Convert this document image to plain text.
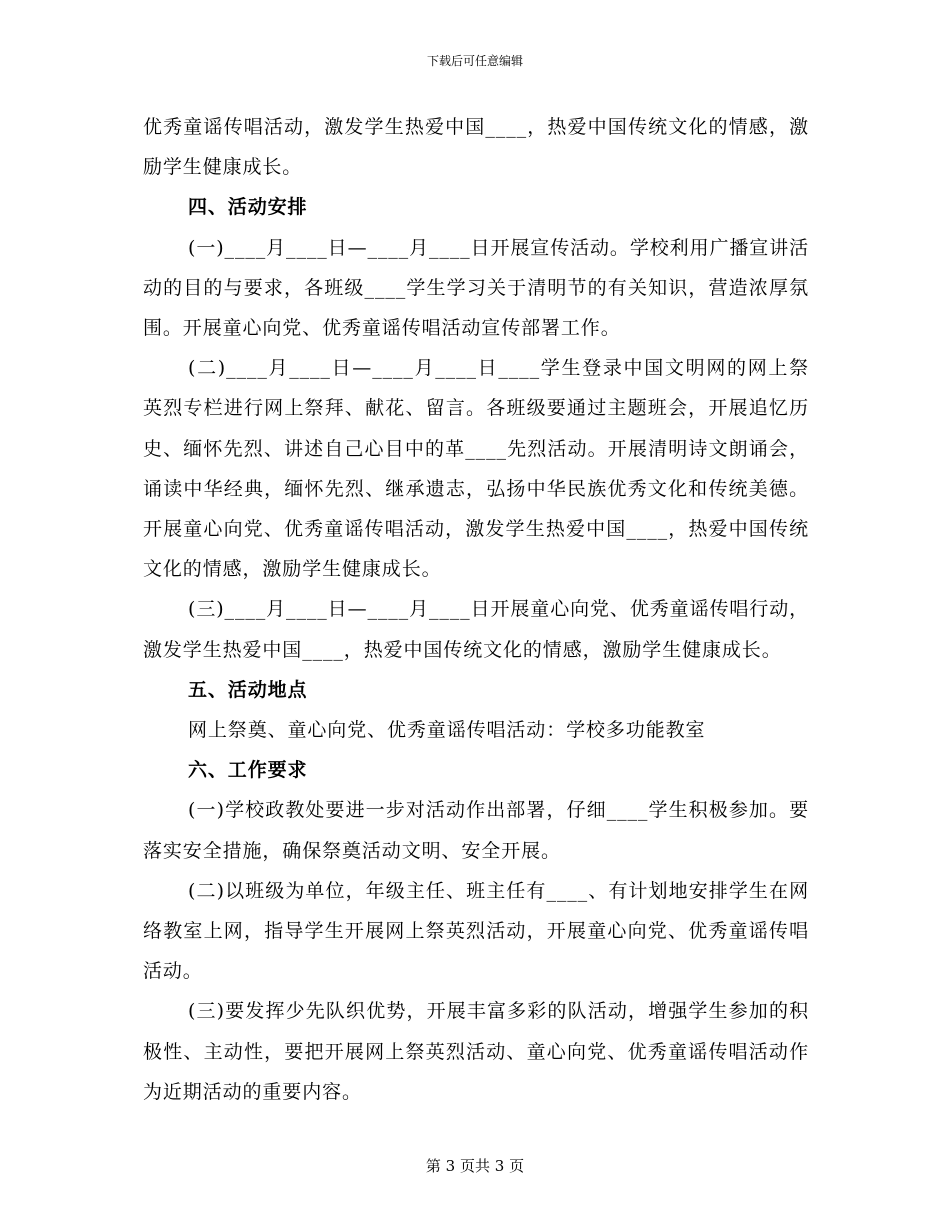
下载后可任意编辑

优秀童谣传唱活动，激发学生热爱中国____，热爱中国传统文化的情感，激励学生健康成长。

四、活动安排

(一)____月____日—____月____日开展宣传活动。学校利用广播宣讲活动的目的与要求，各班级____学生学习关于清明节的有关知识，营造浓厚氛围。开展童心向党、优秀童谣传唱活动宣传部署工作。

(二)____月____日—____月____日____学生登录中国文明网的网上祭英烈专栏进行网上祭拜、献花、留言。各班级要通过主题班会，开展追忆历史、缅怀先烈、讲述自己心目中的革____先烈活动。开展清明诗文朗诵会，诵读中华经典，缅怀先烈、继承遗志，弘扬中华民族优秀文化和传统美德。开展童心向党、优秀童谣传唱活动，激发学生热爱中国____，热爱中国传统文化的情感，激励学生健康成长。

(三)____月____日—____月____日开展童心向党、优秀童谣传唱行动，激发学生热爱中国____，热爱中国传统文化的情感，激励学生健康成长。

五、活动地点

网上祭奠、童心向党、优秀童谣传唱活动：学校多功能教室

六、工作要求

(一)学校政教处要进一步对活动作出部署，仔细____学生积极参加。要落实安全措施，确保祭奠活动文明、安全开展。

(二)以班级为单位，年级主任、班主任有____、有计划地安排学生在网络教室上网，指导学生开展网上祭英烈活动，开展童心向党、优秀童谣传唱活动。

(三)要发挥少先队织优势，开展丰富多彩的队活动，增强学生参加的积极性、主动性，要把开展网上祭英烈活动、童心向党、优秀童谣传唱活动作为近期活动的重要内容。

第 3 页共 3 页
